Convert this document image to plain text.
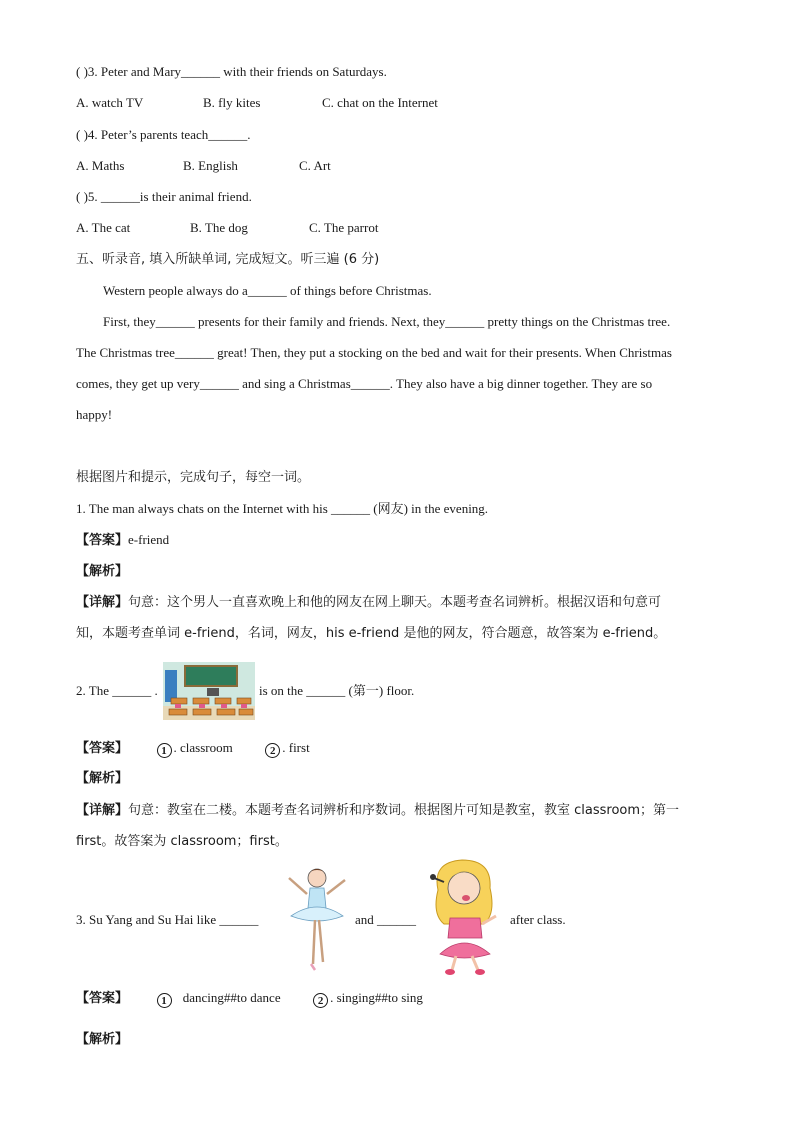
( )3. Peter and Mary______ with their friends on Saturdays.
A. watch TV	B. fly kites	C. chat on the Internet
( )4. Peter’s parents teach______.
A. Maths	B. English	C. Art
( )5. ______is their animal friend.
A. The cat	B. The dog	C. The parrot
五、听录音, 填入所缺单词, 完成短文。听三遍 (6 分)
Western people always do a______ of things before Christmas.
First, they______ presents for their family and friends. Next, they______ pretty things on the Christmas tree.
The Christmas tree______ great! Then, they put a stocking on the bed and wait for their presents. When Christmas
comes, they get up very______ and sing a Christmas______. They also have a big dinner together. They are so
happy!
根据图片和提示，完成句子，每空一词。
1. The man always chats on the Internet with his ______ (网友) in the evening.
【答案】e-friend
【解析】
【详解】句意：这个男人一直喜欢晚上和他的网友在网上聊天。本题考查名词辨析。根据汉语和句意可
知，本题考查单词 e-friend，名词，网友，his e-friend 是他的网友，符合题意，故答案为 e-friend。
2. The ______ .	is on the ______ (第一) floor.
【答案】	1 . classroom	2 . first
【解析】
【详解】句意：教室在二楼。本题考查名词辨析和序数词。根据图片可知是教室，教室 classroom；第一
first。故答案为 classroom；first。
3. Su Yang and Su Hai like ______	and ______	after class.
【答案】	1 dancing##to dance	2 . singing##to sing
【解析】
